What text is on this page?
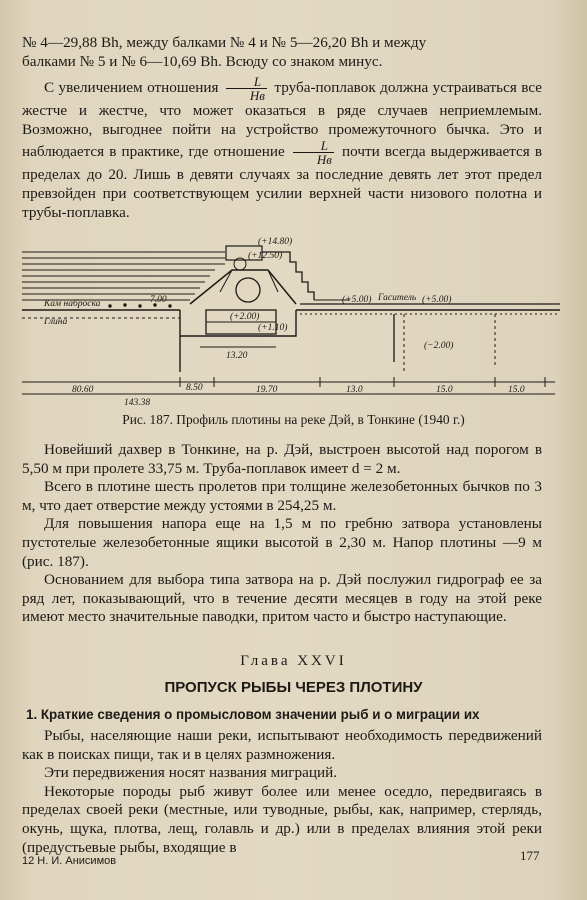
№ 4—29,88 Bh, между балками № 4 и № 5—26,20 Bh и между

балками № 5 и № 6—10,69 Bh. Всюду со знаком минус.

С увеличением отношения $\frac{L}{Hв}$ труба-поплавок должна устраиваться все жестче и жестче, что может оказаться в ряде случаев неприемлемым. Возможно, выгоднее пойти на устройство промежуточного бычка. Это и наблюдается в практике, где отношение $\frac{L}{Hв}$ почти всегда выдерживается в пределах до 20. Лишь в девяти случаях за последние девять лет этот предел превзойден при соответствующем усилии верхней части низового полотна и трубы-поплавка.

(+14.80)
(+12.50)
Кам наброска	7.00
Глина	(+2.00)
(+1.10)
(+5.00) Гаситель (+5.00)
(−2.00)
13.20
80.60	8.50	19.70	13.0	15.0	15.0
143.38
Рис. 187. Профиль плотины на реке Дэй, в Тонкине (1940 г.)

Новейший дахвер в Тонкине, на р. Дэй, выстроен высотой над порогом в 5,50 м при пролете 33,75 м. Труба-поплавок имеет d = 2 м.

Всего в плотине шесть пролетов при толщине железобетонных бычков по 3 м, что дает отверстие между устоями в 254,25 м.

Для повышения напора еще на 1,5 м по гребню затвора установлены пустотелые железобетонные ящики высотой в 2,30 м. Напор плотины —9 м (рис. 187).

Основанием для выбора типа затвора на р. Дэй послужил гидрограф ее за ряд лет, показывающий, что в течение десяти месяцев в году на этой реке имеют место значительные паводки, притом часто и быстро наступающие.

Глава XXVI
ПРОПУСК РЫБЫ ЧЕРЕЗ ПЛОТИНУ
1. Краткие сведения о промысловом значении рыб и о миграции их

Рыбы, населяющие наши реки, испытывают необходимость передвижений как в поисках пищи, так и в целях размножения.

Эти передвижения носят названия миграций.

Некоторые породы рыб живут более или менее оседло, передвигаясь в пределах своей реки (местные, или туводные, рыбы, как, например, стерлядь, окунь, щука, плотва, лещ, голавль и др.) или в пределах влияния этой реки (предустьевые рыбы, входящие в

12 Н. И. Анисимов	177
